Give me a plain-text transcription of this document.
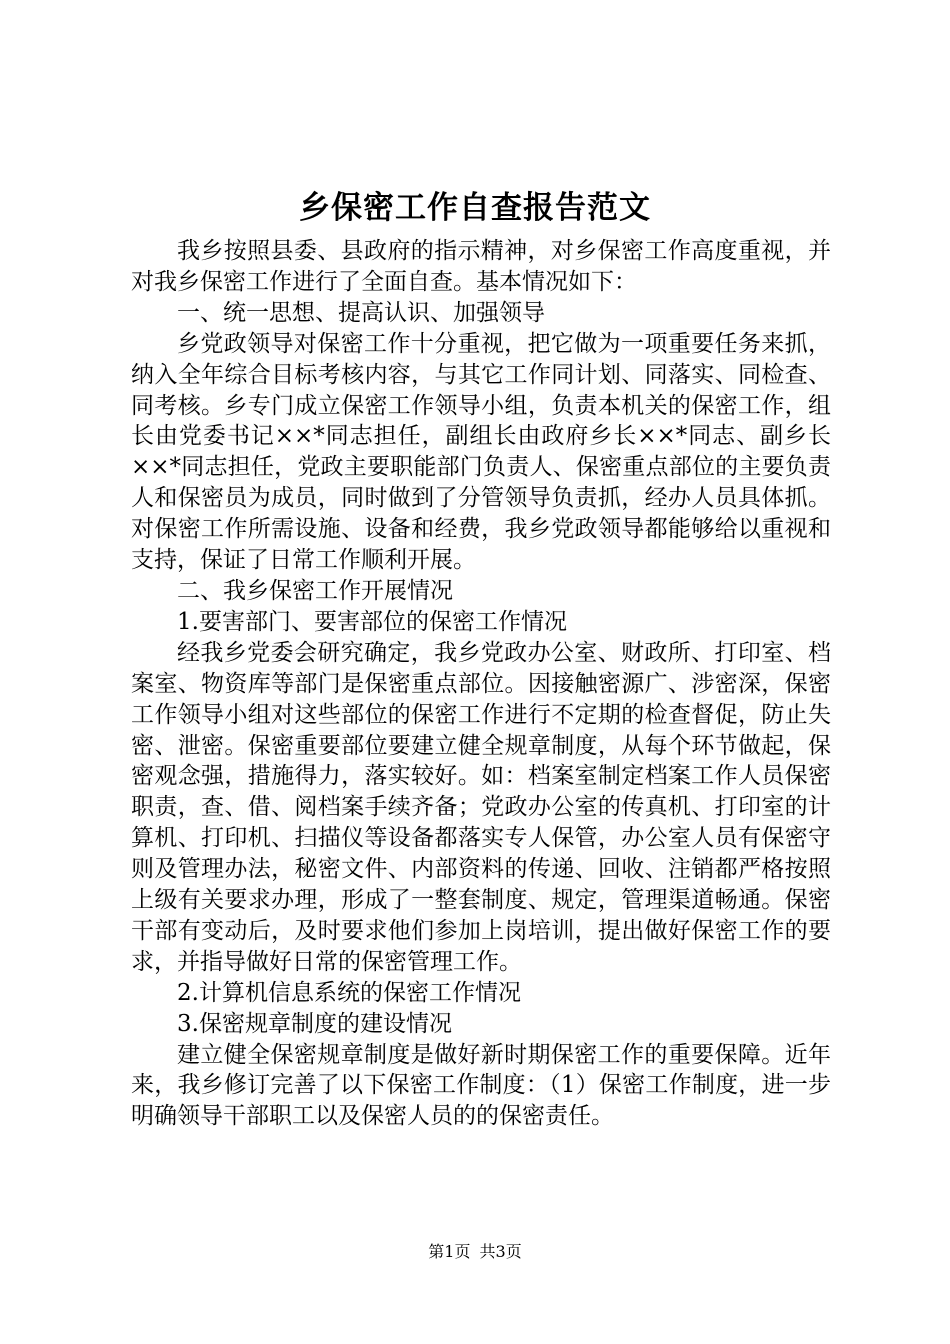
乡保密工作自查报告范文

我乡按照县委、县政府的指示精神，对乡保密工作高度重视，并对我乡保密工作进行了全面自查。基本情况如下：

一、统一思想、提高认识、加强领导

乡党政领导对保密工作十分重视，把它做为一项重要任务来抓，纳入全年综合目标考核内容，与其它工作同计划、同落实、同检查、同考核。乡专门成立保密工作领导小组，负责本机关的保密工作，组长由党委书记××*同志担任，副组长由政府乡长××*同志、副乡长××*同志担任，党政主要职能部门负责人、保密重点部位的主要负责人和保密员为成员，同时做到了分管领导负责抓，经办人员具体抓。对保密工作所需设施、设备和经费，我乡党政领导都能够给以重视和支持，保证了日常工作顺利开展。

二、我乡保密工作开展情况

1.要害部门、要害部位的保密工作情况

经我乡党委会研究确定，我乡党政办公室、财政所、打印室、档案室、物资库等部门是保密重点部位。因接触密源广、涉密深，保密工作领导小组对这些部位的保密工作进行不定期的检查督促，防止失密、泄密。保密重要部位要建立健全规章制度，从每个环节做起，保密观念强，措施得力，落实较好。如：档案室制定档案工作人员保密职责，查、借、阅档案手续齐备；党政办公室的传真机、打印室的计算机、打印机、扫描仪等设备都落实专人保管，办公室人员有保密守则及管理办法，秘密文件、内部资料的传递、回收、注销都严格按照上级有关要求办理，形成了一整套制度、规定，管理渠道畅通。保密干部有变动后，及时要求他们参加上岗培训，提出做好保密工作的要求，并指导做好日常的保密管理工作。

2.计算机信息系统的保密工作情况

3.保密规章制度的建设情况

建立健全保密规章制度是做好新时期保密工作的重要保障。近年来，我乡修订完善了以下保密工作制度：（1）保密工作制度，进一步明确领导干部职工以及保密人员的的保密责任。

第1页 共3页
